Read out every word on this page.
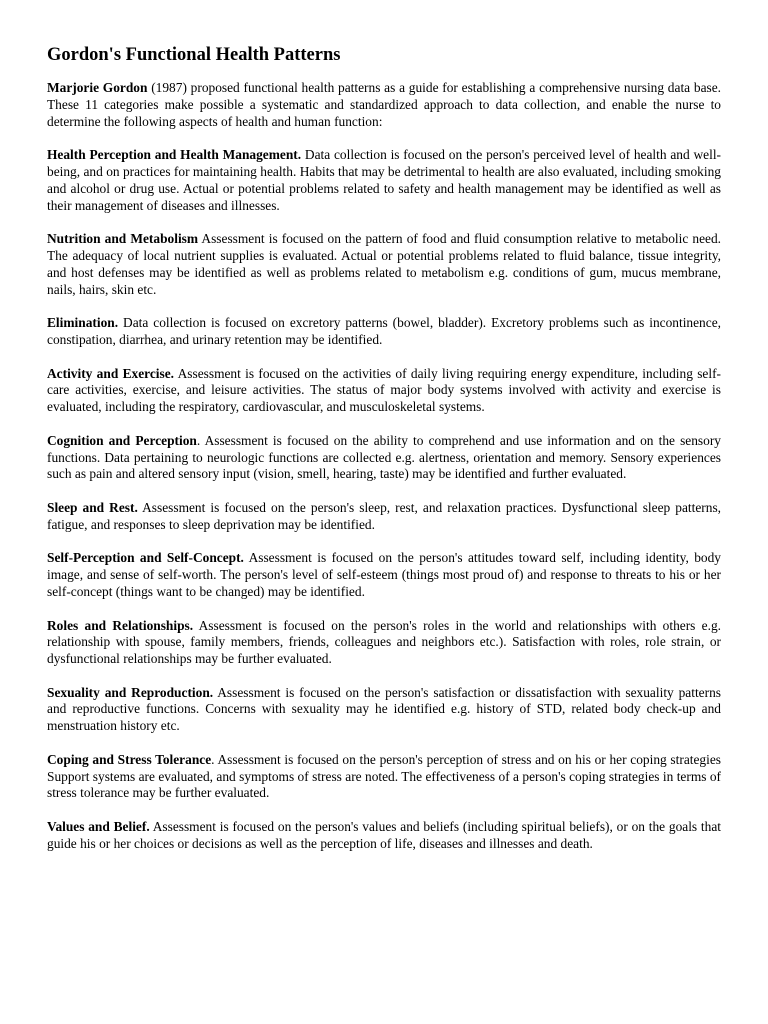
Gordon's Functional Health Patterns

Marjorie Gordon (1987) proposed functional health patterns as a guide for establishing a comprehensive nursing data base. These 11 categories make possible a systematic and standardized approach to data collection, and enable the nurse to determine the following aspects of health and human function:

Health Perception and Health Management. Data collection is focused on the person's perceived level of health and well-being, and on practices for maintaining health. Habits that may be detrimental to health are also evaluated, including smoking and alcohol or drug use. Actual or potential problems related to safety and health management may be identified as well as their management of diseases and illnesses.

Nutrition and Metabolism Assessment is focused on the pattern of food and fluid consumption relative to metabolic need. The adequacy of local nutrient supplies is evaluated. Actual or potential problems related to fluid balance, tissue integrity, and host defenses may be identified as well as problems related to metabolism e.g. conditions of gum, mucus membrane, nails, hairs, skin etc.

Elimination. Data collection is focused on excretory patterns (bowel, bladder). Excretory problems such as incontinence, constipation, diarrhea, and urinary retention may be identified.

Activity and Exercise. Assessment is focused on the activities of daily living requiring energy expenditure, including self-care activities, exercise, and leisure activities. The status of major body systems involved with activity and exercise is evaluated, including the respiratory, cardiovascular, and musculoskeletal systems.

Cognition and Perception. Assessment is focused on the ability to comprehend and use information and on the sensory functions. Data pertaining to neurologic functions are collected e.g. alertness, orientation and memory. Sensory experiences such as pain and altered sensory input (vision, smell, hearing, taste) may be identified and further evaluated.

Sleep and Rest. Assessment is focused on the person's sleep, rest, and relaxation practices. Dysfunctional sleep patterns, fatigue, and responses to sleep deprivation may be identified.

Self-Perception and Self-Concept. Assessment is focused on the person's attitudes toward self, including identity, body image, and sense of self-worth. The person's level of self-esteem (things most proud of) and response to threats to his or her self-concept (things want to be changed) may be identified.

Roles and Relationships. Assessment is focused on the person's roles in the world and relationships with others e.g. relationship with spouse, family members, friends, colleagues and neighbors etc.). Satisfaction with roles, role strain, or dysfunctional relationships may be further evaluated.

Sexuality and Reproduction. Assessment is focused on the person's satisfaction or dissatisfaction with sexuality patterns and reproductive functions. Concerns with sexuality may he identified e.g. history of STD, related body check-up and menstruation history etc.

Coping and Stress Tolerance. Assessment is focused on the person's perception of stress and on his or her coping strategies Support systems are evaluated, and symptoms of stress are noted. The effectiveness of a person's coping strategies in terms of stress tolerance may be further evaluated.

Values and Belief. Assessment is focused on the person's values and beliefs (including spiritual beliefs), or on the goals that guide his or her choices or decisions as well as the perception of life, diseases and illnesses and death.
